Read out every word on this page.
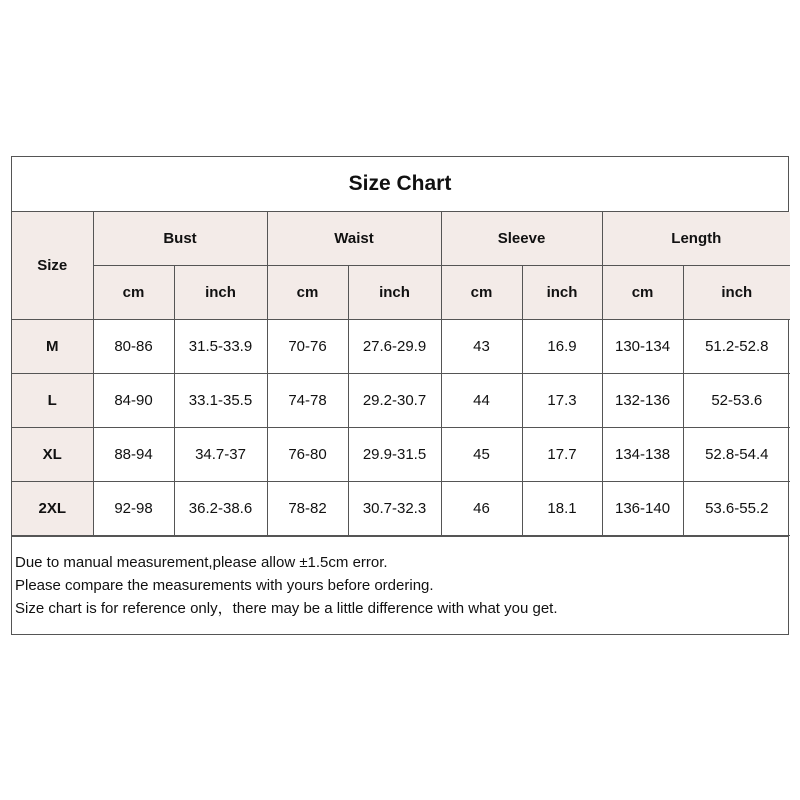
Size Chart
Size	Bust		Waist		Sleeve		Length	
	cm	inch	cm	inch	cm	inch	cm	inch
M	80-86	31.5-33.9	70-76	27.6-29.9	43	16.9	130-134	51.2-52.8
L	84-90	33.1-35.5	74-78	29.2-30.7	44	17.3	132-136	52-53.6
XL	88-94	34.7-37	76-80	29.9-31.5	45	17.7	134-138	52.8-54.4
2XL	92-98	36.2-38.6	78-82	30.7-32.3	46	18.1	136-140	53.6-55.2
Due to manual measurement,please allow ±1.5cm error.
Please compare the measurements with yours before ordering.
Size chart is for reference only，there may be a little difference with what you get.
